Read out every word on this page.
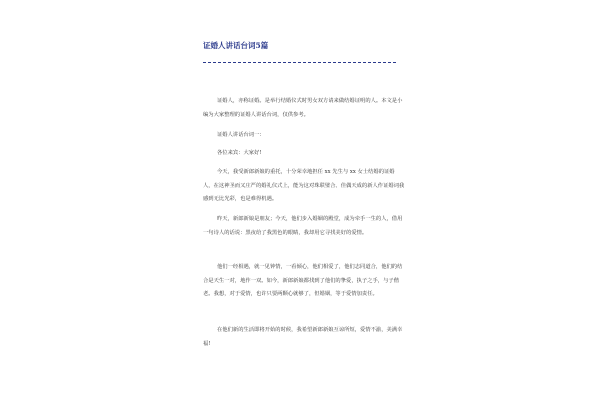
证婚人讲话台词5篇

证婚人，亦称证婚。是举行结婚仪式时男女双方请来做结婚证明的人。本文是小编为大家整理的证婚人讲话台词，仅供参考。

证婚人讲话台词一：

各位来宾：大家好!

今天，我受新郎新娘的重托，十分荣幸地担任 xx 先生与 xx 女士结婚的证婚人，在这神圣而又庄严的婚礼仪式上，能为这对珠联璧合、佳偶天成的新人作证婚词我感到无比光彩，也是难得机遇。

昨天，新郎新娘是朋友；今天，他们步入婚姻的殿堂，成为牵手一生的人，借用一句诗人的话说：黑夜给了我黑色的眼睛，我却用它寻找美好的爱情。

他们一经相遇，就一见钟情，一看倾心，他们相爱了，他们志同道合，他们的结合是天生一对，地作一双。如今，新郎新娘都找到了他们的挚爱，执子之手，与子偕老。我想，对于爱情，也许只要两颗心就够了，但婚姻，等于爱情加责任。

在他们新的生活即将开始的时候，我希望新郎新娘互谅所短，爱情不渝，美满幸福!
